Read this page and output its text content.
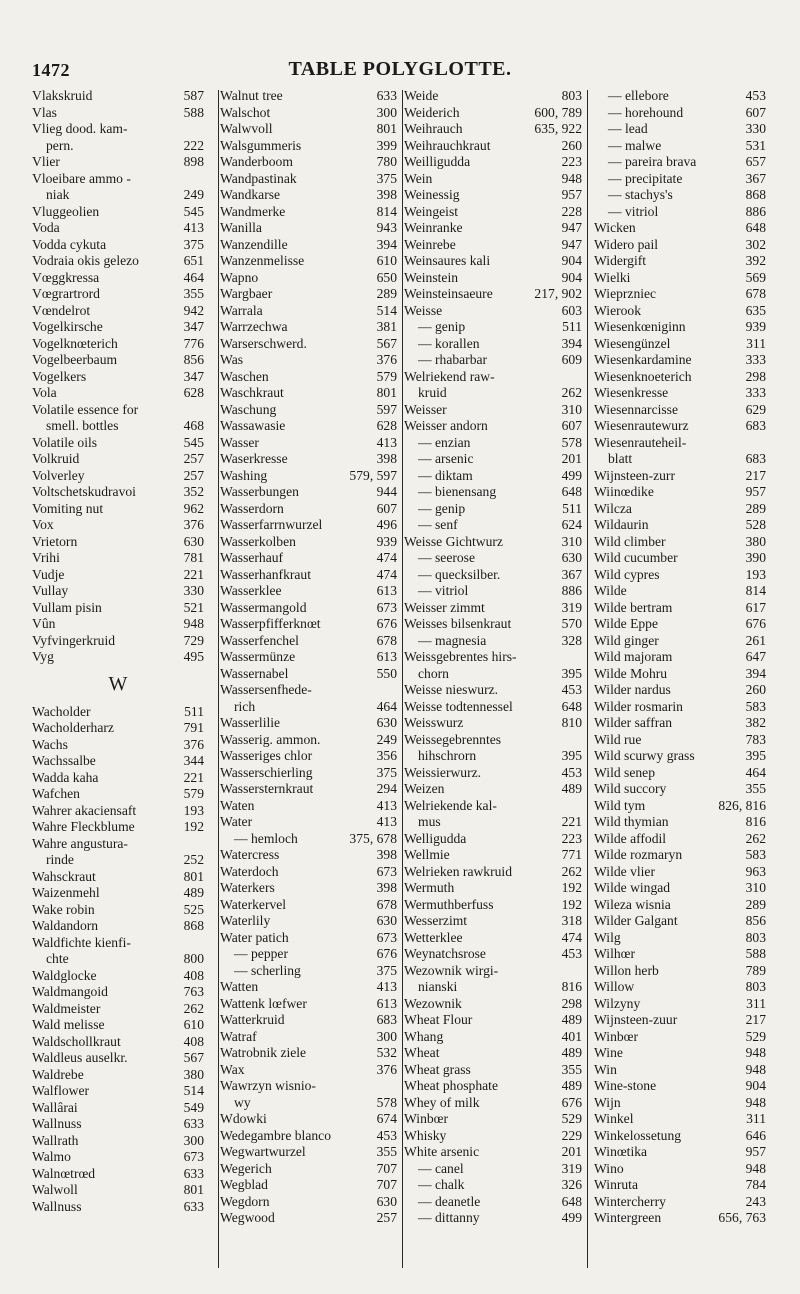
1472	TABLE POLYGLOTTE.
Vlakskruid	587
Vlas	588
Vlieg dood. kam-
pern.	222
Vlier	898
Vloeibare ammo -
niak	249
Vluggeolien	545
Voda	413
Vodda cykuta	375
Vodraia okis gelezo	651
Vœggkressa	464
Vœgrartrord	355
Vœndelrot	942
Vogelkirsche	347
Vogelknœterich	776
Vogelbeerbaum	856
Vogelkers	347
Vola	628
Volatile essence for
smell. bottles	468
Volatile oils	545
Volkruid	257
Volverley	257
Voltschetskudravoi	352
Vomiting nut	962
Vox	376
Vrietorn	630
Vrihi	781
Vudje	221
Vullay	330
Vullam pisin	521
Vûn	948
Vyfvingerkruid	729
Vyg	495
W
Wacholder	511
Wacholderharz	791
Wachs	376
Wachssalbe	344
Wadda kaha	221
Wafchen	579
Wahrer akaciensaft	193
Wahre Fleckblume	192
Wahre angustura-
rinde	252
Wahsckraut	801
Waizenmehl	489
Wake robin	525
Waldandorn	868
Waldfichte kienfi-
chte	800
Waldglocke	408
Waldmangoid	763
Waldmeister	262
Wald melisse	610
Waldschollkraut	408
Waldleus auselkr.	567
Waldrebe	380
Walflower	514
Wallârai	549
Wallnuss	633
Wallrath	300
Walmo	673
Walnœtrœd	633
Walwoll	801
Wallnuss	633
Walnut tree	633
Walschot	300
Walwvoll	801
Walsgummeris	399
Wanderboom	780
Wandpastinak	375
Wandkarse	398
Wandmerke	814
Wanilla	943
Wanzendille	394
Wanzenmelisse	610
Wapno	650
Wargbaer	289
Warrala	514
Warrzechwa	381
Warserschwerd.	567
Was	376
Waschen	579
Waschkraut	801
Waschung	597
Wassawasie	628
Wasser	413
Waserkresse	398
Washing	579, 597
Wasserbungen	944
Wasserdorn	607
Wasserfarrnwurzel	496
Wasserkolben	939
Wasserhauf	474
Wasserhanfkraut	474
Wasserklee	613
Wassermangold	673
Wasserpfifferknœt	676
Wasserfenchel	678
Wassermünze	613
Wassernabel	550
Wassersenfhede-
rich	464
Wasserlilie	630
Wasserig. ammon.	249
Wasseriges chlor	356
Wasserschierling	375
Wassersternkraut	294
Waten	413
Water	413
— hemloch	375, 678
Watercress	398
Waterdoch	673
Waterkers	398
Waterkervel	678
Waterlily	630
Water patich	673
— pepper	676
— scherling	375
Watten	413
Wattenk lœfwer	613
Watterkruid	683
Watraf	300
Watrobnik ziele	532
Wax	376
Wawrzyn wisnio-
wy	578
Wdowki	674
Wedegambre blanco	453
Wegwartwurzel	355
Wegerich	707
Wegblad	707
Wegdorn	630
Wegwood	257
Weide	803
Weiderich	600, 789
Weihrauch	635, 922
Weihrauchkraut	260
Weilligudda	223
Wein	948
Weinessig	957
Weingeist	228
Weinranke	947
Weinrebe	947
Weinsaures kali	904
Weinstein	904
Weinsteinsaeure	217, 902
Weisse	603
— genip	511
— korallen	394
— rhabarbar	609
Welriekend raw-
kruid	262
Weisser	310
Weisser andorn	607
— enzian	578
— arsenic	201
— diktam	499
— bienensang	648
— genip	511
— senf	624
Weisse Gichtwurz	310
— seerose	630
— quecksilber.	367
— vitriol	886
Weisser zimmt	319
Weisses bilsenkraut	570
— magnesia	328
Weissgebrentes hirs-
chorn	395
Weisse nieswurz.	453
Weisse todtennessel	648
Weisswurz	810
Weissegebrenntes
hihschrorn	395
Weissierwurz.	453
Weizen	489
Welriekende kal-
mus	221
Welligudda	223
Wellmie	771
Welrieken rawkruid	262
Wermuth	192
Wermuthberfuss	192
Wesserzimt	318
Wetterklee	474
Weynatchsrose	453
Wezownik wirgi-
nianski	816
Wezownik	298
Wheat Flour	489
Whang	401
Wheat	489
Wheat grass	355
Wheat phosphate	489
Whey of milk	676
Winbœr	529
Whisky	229
White arsenic	201
— canel	319
— chalk	326
— deanetle	648
— dittanny	499
— ellebore	453
— horehound	607
— lead	330
— malwe	531
— pareira brava	657
— precipitate	367
— stachys's	868
— vitriol	886
Wicken	648
Widero pail	302
Widergift	392
Wielki	569
Wieprzniec	678
Wierook	635
Wiesenkœniginn	939
Wiesengünzel	311
Wiesenkardamine	333
Wiesenknoeterich	298
Wiesenkresse	333
Wiesennarcisse	629
Wiesenrautewurz	683
Wiesenrauteheil-
blatt	683
Wijnsteen-zurr	217
Wiinœdike	957
Wilcza	289
Wildaurin	528
Wild climber	380
Wild cucumber	390
Wild cypres	193
Wilde	814
Wilde bertram	617
Wilde Eppe	676
Wild ginger	261
Wild majoram	647
Wilde Mohru	394
Wilder nardus	260
Wilder rosmarin	583
Wilder saffran	382
Wild rue	783
Wild scurwy grass	395
Wild senep	464
Wild succory	355
Wild tym	826, 816
Wild thymian	816
Wilde affodil	262
Wilde rozmaryn	583
Wilde vlier	963
Wilde wingad	310
Wileza wisnia	289
Wilder Galgant	856
Wilg	803
Wilhœr	588
Willon herb	789
Willow	803
Wilzyny	311
Wijnsteen-zuur	217
Winbœr	529
Wine	948
Win	948
Wine-stone	904
Wijn	948
Winkel	311
Winkelossetung	646
Winœtika	957
Wino	948
Winruta	784
Wintercherry	243
Wintergreen	656, 763
